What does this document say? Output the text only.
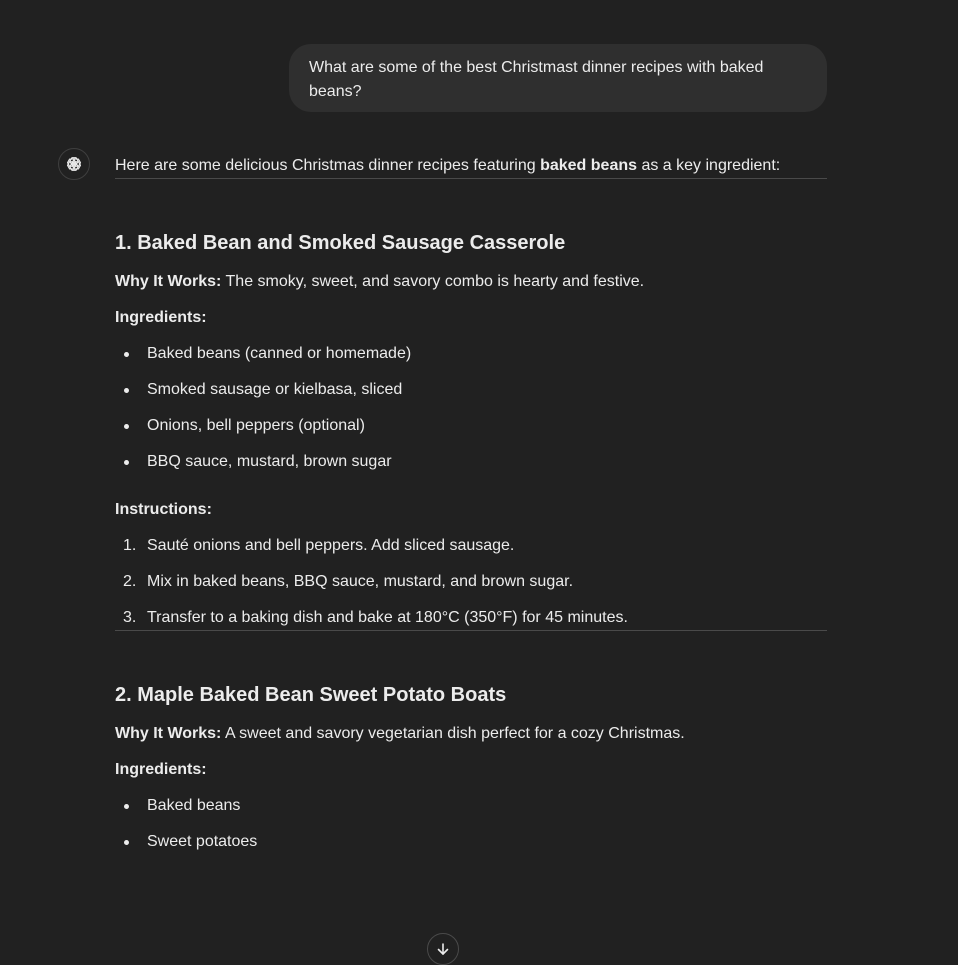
What are some of the best Christmast dinner recipes with baked beans?

Here are some delicious Christmas dinner recipes featuring baked beans as a key ingredient:

1. Baked Bean and Smoked Sausage Casserole

Why It Works: The smoky, sweet, and savory combo is hearty and festive.

Ingredients:

Baked beans (canned or homemade)
Smoked sausage or kielbasa, sliced
Onions, bell peppers (optional)
BBQ sauce, mustard, brown sugar

Instructions:

1. Sauté onions and bell peppers. Add sliced sausage.
2. Mix in baked beans, BBQ sauce, mustard, and brown sugar.
3. Transfer to a baking dish and bake at 180°C (350°F) for 45 minutes.
2. Maple Baked Bean Sweet Potato Boats

Why It Works: A sweet and savory vegetarian dish perfect for a cozy Christmas.

Ingredients:

Baked beans
Sweet potatoes
